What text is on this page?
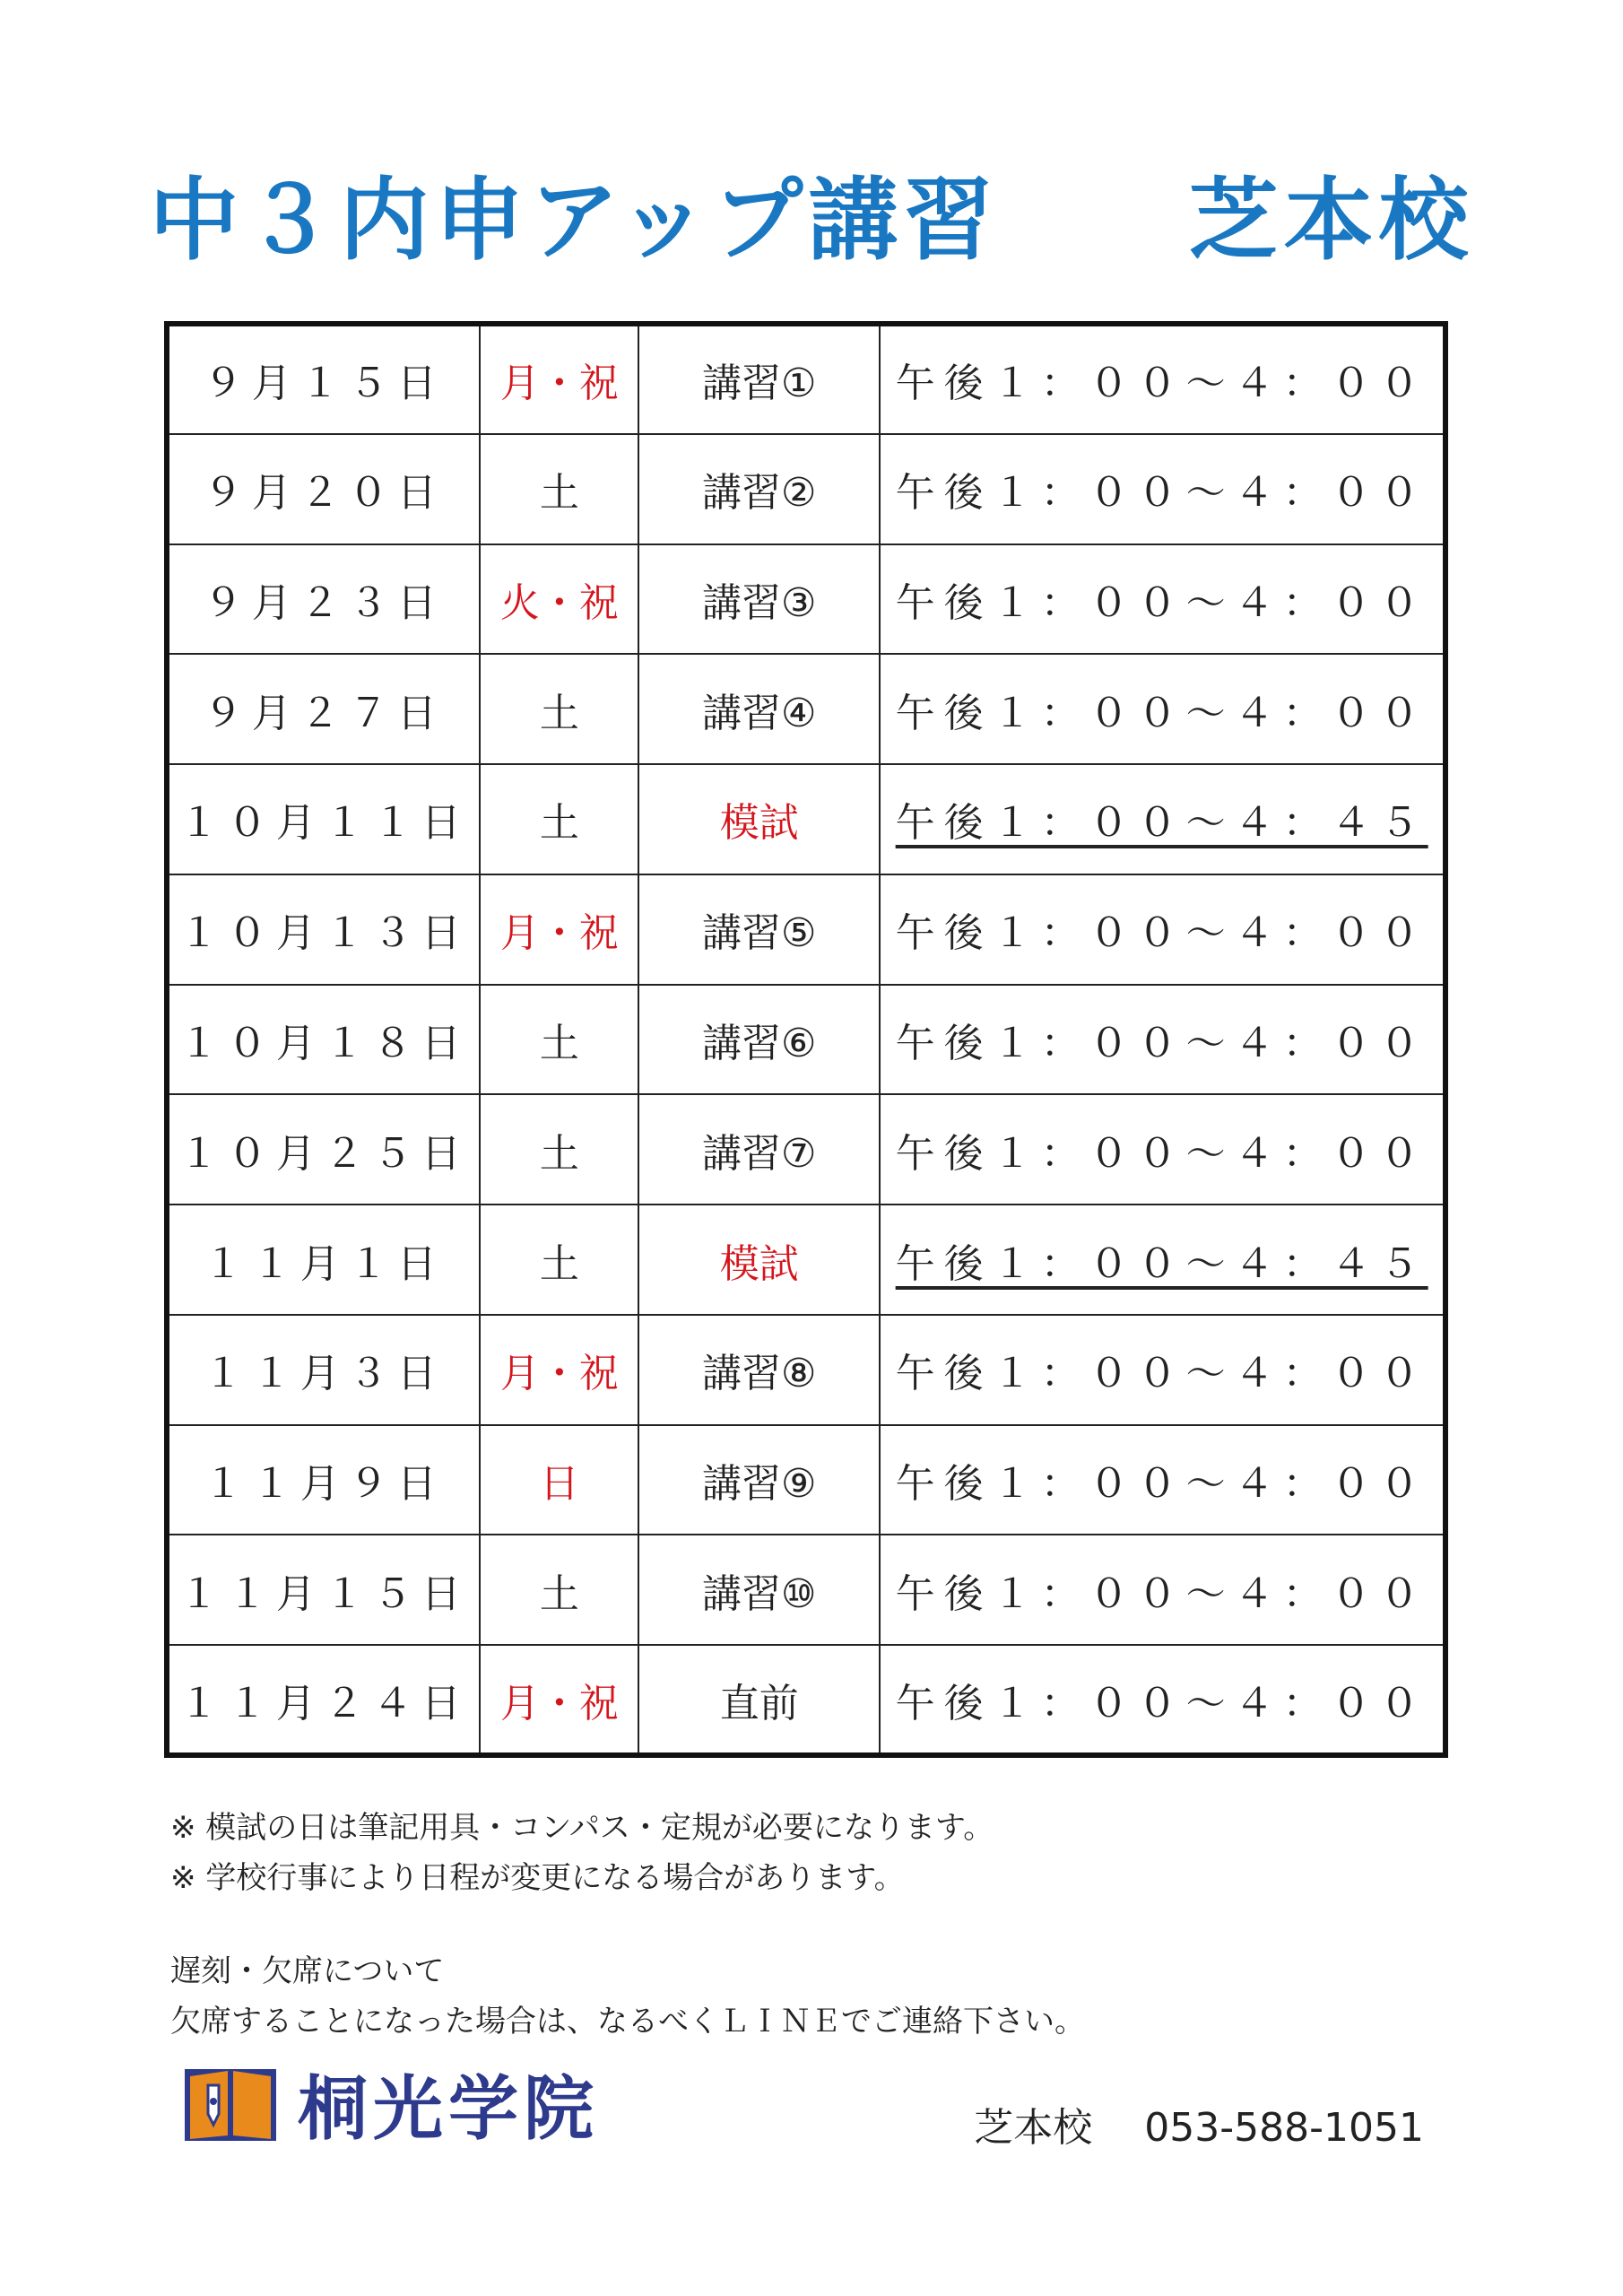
中３内申アップ講習　　芝本校
９月１５日	月・祝	講習①	午後１：００～４：００
９月２０日	土	講習②	午後１：００～４：００
９月２３日	火・祝	講習③	午後１：００～４：００
９月２７日	土	講習④	午後１：００～４：００
１０月１１日	土	模試	午後１：００～４：４５
１０月１３日	月・祝	講習⑤	午後１：００～４：００
１０月１８日	土	講習⑥	午後１：００～４：００
１０月２５日	土	講習⑦	午後１：００～４：００
１１月１日	土	模試	午後１：００～４：４５
１１月３日	月・祝	講習⑧	午後１：００～４：００
１１月９日	日	講習⑨	午後１：００～４：００
１１月１５日	土	講習⑩	午後１：００～４：００
１１月２４日	月・祝	直前	午後１：００～４：００
※ 模試の日は筆記用具・コンパス・定規が必要になります。
※ 学校行事により日程が変更になる場合があります。
遅刻・欠席について
欠席することになった場合は、なるべくＬＩＮＥでご連絡下さい。
桐光学院	芝本校　 053-588-1051
